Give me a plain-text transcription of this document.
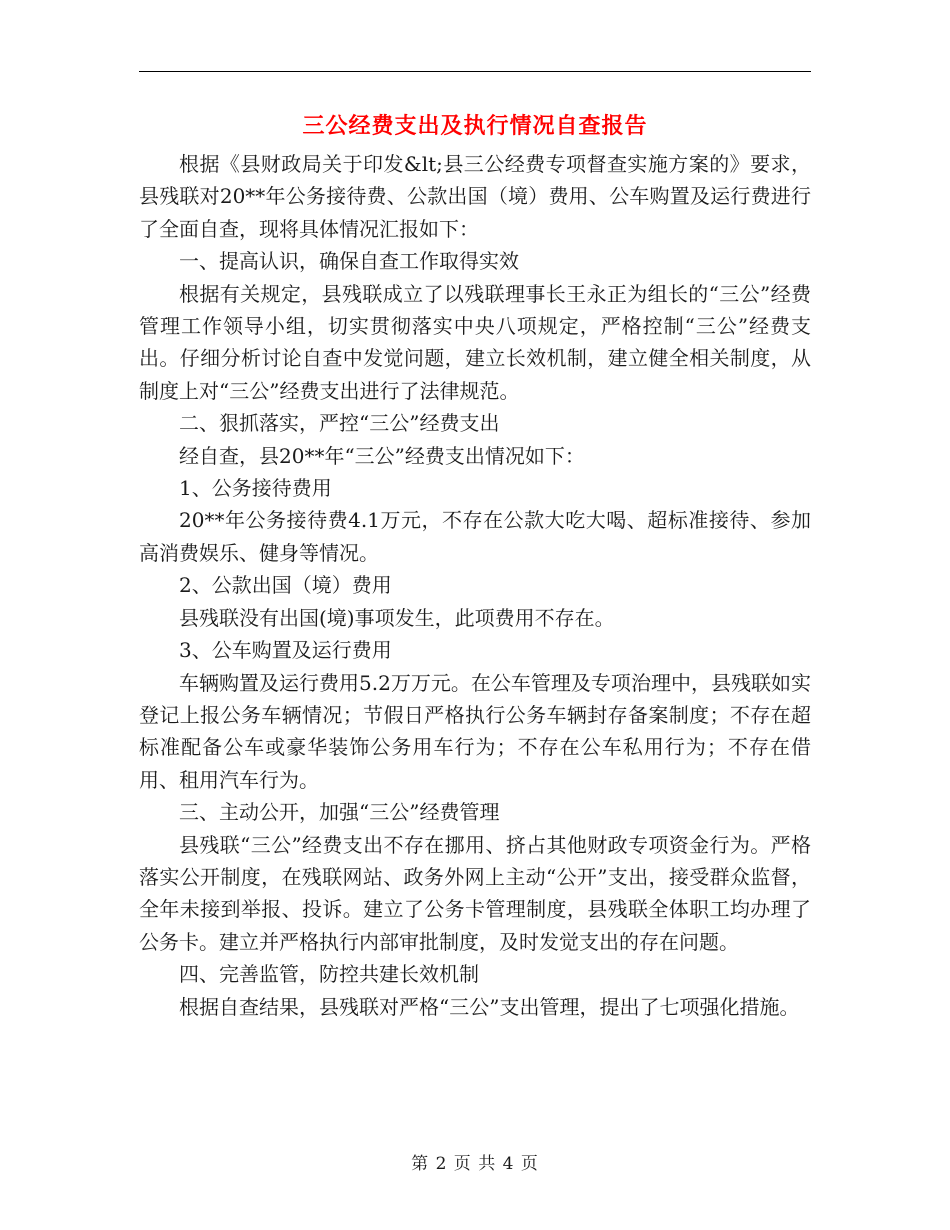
三公经费支出及执行情况自查报告

根据《县财政局关于印发&lt;县三公经费专项督查实施方案的》要求，县残联对20**年公务接待费、公款出国（境）费用、公车购置及运行费进行了全面自查，现将具体情况汇报如下：

一、提高认识，确保自查工作取得实效

根据有关规定，县残联成立了以残联理事长王永正为组长的“三公”经费管理工作领导小组，切实贯彻落实中央八项规定，严格控制“三公”经费支出。仔细分析讨论自查中发觉问题，建立长效机制，建立健全相关制度，从制度上对“三公”经费支出进行了法律规范。

二、狠抓落实，严控“三公”经费支出

经自查，县20**年“三公”经费支出情况如下：

1、公务接待费用

20**年公务接待费4.1万元，不存在公款大吃大喝、超标准接待、参加高消费娱乐、健身等情况。

2、公款出国（境）费用

县残联没有出国(境)事项发生，此项费用不存在。

3、公车购置及运行费用

车辆购置及运行费用5.2万万元。在公车管理及专项治理中，县残联如实登记上报公务车辆情况；节假日严格执行公务车辆封存备案制度；不存在超标准配备公车或豪华装饰公务用车行为；不存在公车私用行为；不存在借用、租用汽车行为。

三、主动公开，加强“三公”经费管理

县残联“三公”经费支出不存在挪用、挤占其他财政专项资金行为。严格落实公开制度，在残联网站、政务外网上主动“公开”支出，接受群众监督，全年未接到举报、投诉。建立了公务卡管理制度，县残联全体职工均办理了公务卡。建立并严格执行内部审批制度，及时发觉支出的存在问题。

四、完善监管，防控共建长效机制

根据自查结果，县残联对严格“三公”支出管理，提出了七项强化措施。

第 2 页 共 4 页
